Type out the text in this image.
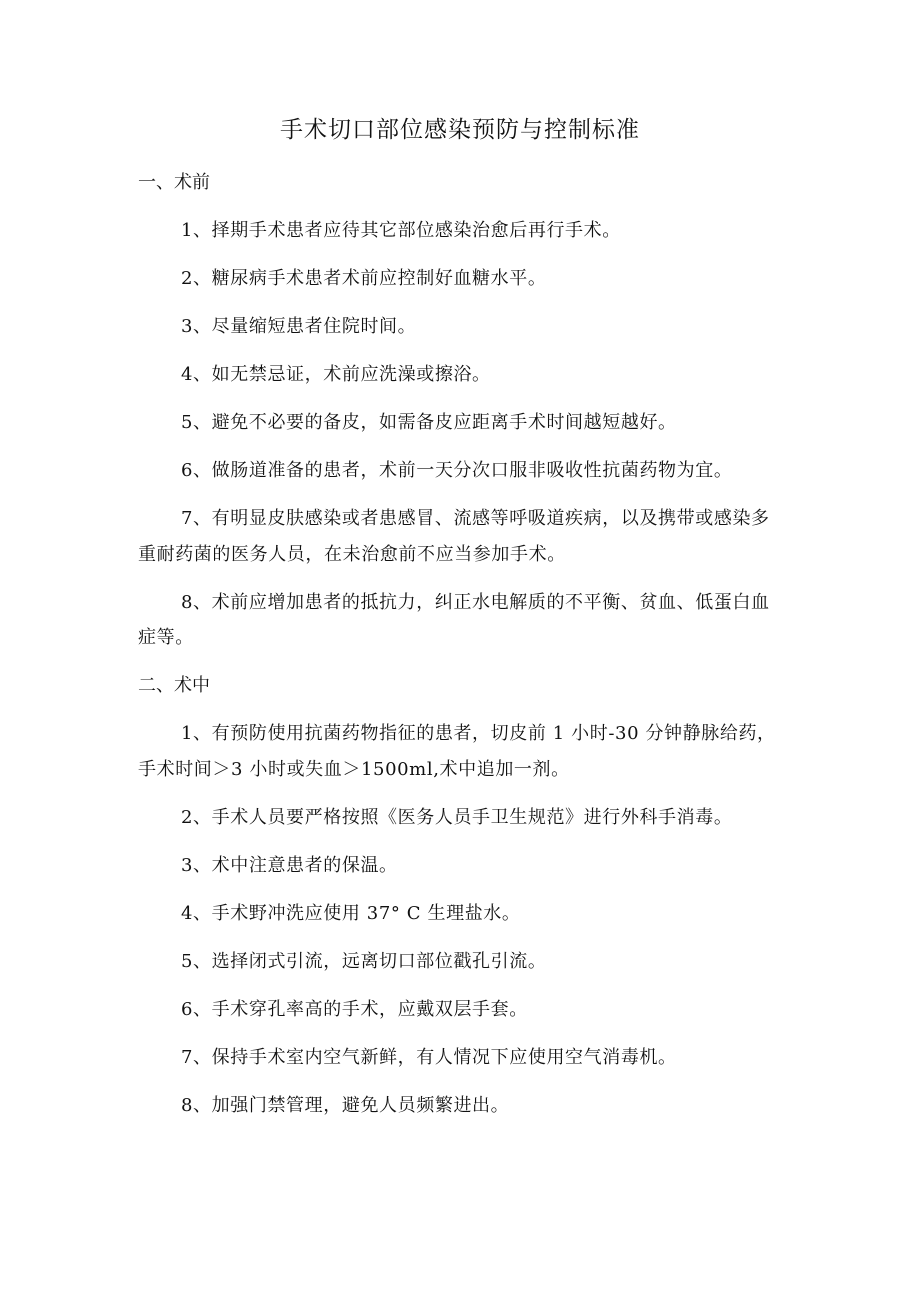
手术切口部位感染预防与控制标准
一、术前

1、择期手术患者应待其它部位感染治愈后再行手术。

2、糖尿病手术患者术前应控制好血糖水平。

3、尽量缩短患者住院时间。

4、如无禁忌证，术前应洗澡或擦浴。

5、避免不必要的备皮，如需备皮应距离手术时间越短越好。

6、做肠道准备的患者，术前一天分次口服非吸收性抗菌药物为宜。

7、有明显皮肤感染或者患感冒、流感等呼吸道疾病，以及携带或感染多重耐药菌的医务人员，在未治愈前不应当参加手术。

8、术前应增加患者的抵抗力，纠正水电解质的不平衡、贫血、低蛋白血症等。

二、术中

1、有预防使用抗菌药物指征的患者，切皮前 1 小时-30 分钟静脉给药，手术时间＞3 小时或失血＞1500ml,术中追加一剂。

2、手术人员要严格按照《医务人员手卫生规范》进行外科手消毒。

3、术中注意患者的保温。

4、手术野冲洗应使用 37° C 生理盐水。

5、选择闭式引流，远离切口部位戳孔引流。

6、手术穿孔率高的手术，应戴双层手套。

7、保持手术室内空气新鲜，有人情况下应使用空气消毒机。

8、加强门禁管理，避免人员频繁进出。
